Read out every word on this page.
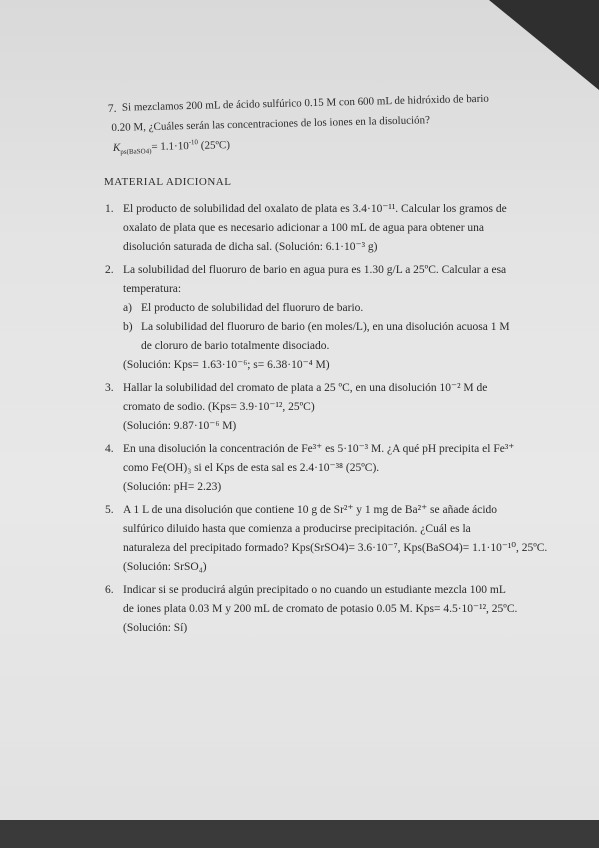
7. Si mezclamos 200 mL de ácido sulfúrico 0.15 M con 600 mL de hidróxido de bario
0.20 M, ¿Cuáles serán las concentraciones de los iones en la disolución?
$K_{ps(BaSO4)}= 1.1\cdot 10^{-10}$ (25ºC)
MATERIAL ADICIONAL
1. El producto de solubilidad del oxalato de plata es 3.4·10⁻¹¹. Calcular los gramos de
oxalato de plata que es necesario adicionar a 100 mL de agua para obtener una
disolución saturada de dicha sal. (Solución: 6.1·10⁻³ g)
2. La solubilidad del fluoruro de bario en agua pura es 1.30 g/L a 25ºC. Calcular a esa
temperatura:
a) El producto de solubilidad del fluoruro de bario.
b) La solubilidad del fluoruro de bario (en moles/L), en una disolución acuosa 1 M
de cloruro de bario totalmente disociado.
(Solución: Kps= 1.63·10⁻⁶; s= 6.38·10⁻⁴ M)
3. Hallar la solubilidad del cromato de plata a 25 ºC, en una disolución 10⁻² M de
cromato de sodio. (Kps= 3.9·10⁻¹², 25ºC)
(Solución: 9.87·10⁻⁶ M)
4. En una disolución la concentración de Fe³⁺ es 5·10⁻³ M. ¿A qué pH precipita el Fe³⁺
como Fe(OH)₃ si el Kps de esta sal es 2.4·10⁻³⁸ (25ºC).
(Solución: pH= 2.23)
5. A 1 L de una disolución que contiene 10 g de Sr²⁺ y 1 mg de Ba²⁺ se añade ácido
sulfúrico diluido hasta que comienza a producirse precipitación. ¿Cuál es la
naturaleza del precipitado formado? Kps(SrSO4)= 3.6·10⁻⁷, Kps(BaSO4)= 1.1·10⁻¹⁰, 25ºC.
(Solución: SrSO₄)
6. Indicar si se producirá algún precipitado o no cuando un estudiante mezcla 100 mL
de iones plata 0.03 M y 200 mL de cromato de potasio 0.05 M. Kps= 4.5·10⁻¹², 25ºC.
(Solución: Sí)
